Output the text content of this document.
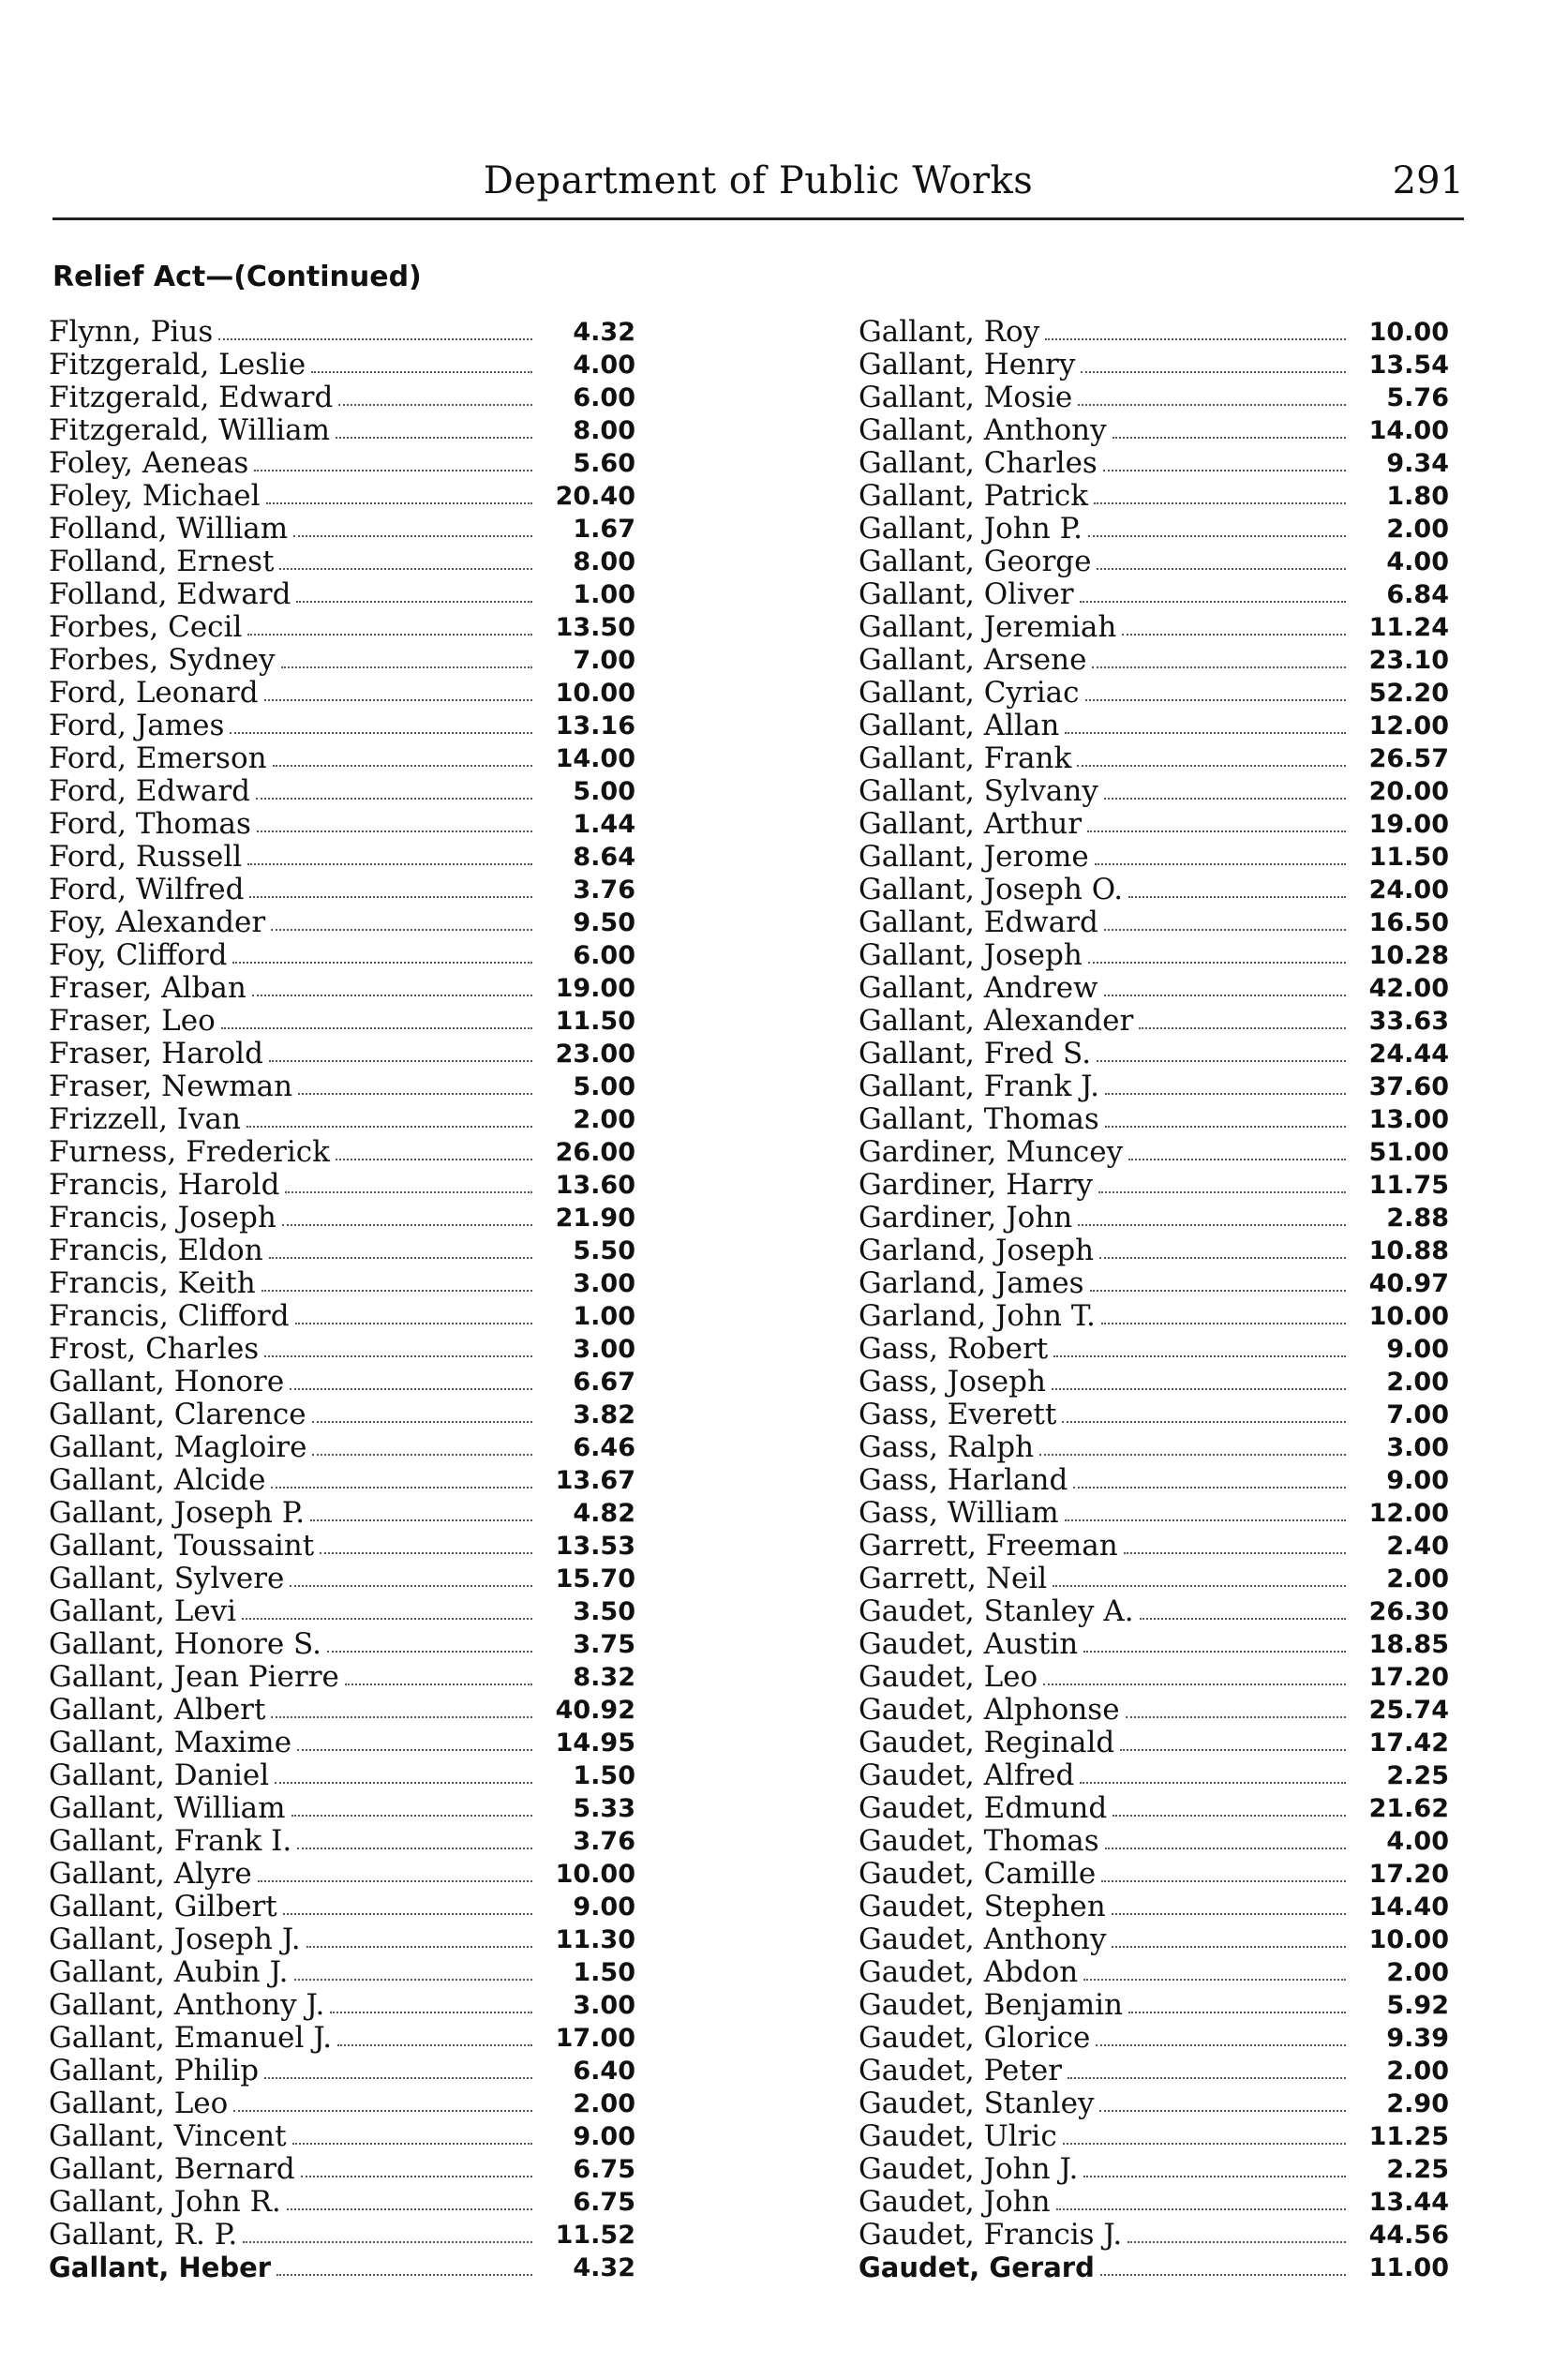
Department of Public Works	291
Relief Act—(Continued)
Flynn, Pius	4.32
Fitzgerald, Leslie	4.00
Fitzgerald, Edward	6.00
Fitzgerald, William	8.00
Foley, Aeneas	5.60
Foley, Michael	20.40
Folland, William	1.67
Folland, Ernest	8.00
Folland, Edward	1.00
Forbes, Cecil	13.50
Forbes, Sydney	7.00
Ford, Leonard	10.00
Ford, James	13.16
Ford, Emerson	14.00
Ford, Edward	5.00
Ford, Thomas	1.44
Ford, Russell	8.64
Ford, Wilfred	3.76
Foy, Alexander	9.50
Foy, Clifford	6.00
Fraser, Alban	19.00
Fraser, Leo	11.50
Fraser, Harold	23.00
Fraser, Newman	5.00
Frizzell, Ivan	2.00
Furness, Frederick	26.00
Francis, Harold	13.60
Francis, Joseph	21.90
Francis, Eldon	5.50
Francis, Keith	3.00
Francis, Clifford	1.00
Frost, Charles	3.00
Gallant, Honore	6.67
Gallant, Clarence	3.82
Gallant, Magloire	6.46
Gallant, Alcide	13.67
Gallant, Joseph P.	4.82
Gallant, Toussaint	13.53
Gallant, Sylvere	15.70
Gallant, Levi	3.50
Gallant, Honore S.	3.75
Gallant, Jean Pierre	8.32
Gallant, Albert	40.92
Gallant, Maxime	14.95
Gallant, Daniel	1.50
Gallant, William	5.33
Gallant, Frank I.	3.76
Gallant, Alyre	10.00
Gallant, Gilbert	9.00
Gallant, Joseph J.	11.30
Gallant, Aubin J.	1.50
Gallant, Anthony J.	3.00
Gallant, Emanuel J.	17.00
Gallant, Philip	6.40
Gallant, Leo	2.00
Gallant, Vincent	9.00
Gallant, Bernard	6.75
Gallant, John R.	6.75
Gallant, R. P.	11.52
Gallant, Heber	4.32
Gallant, Roy	10.00
Gallant, Henry	13.54
Gallant, Mosie	5.76
Gallant, Anthony	14.00
Gallant, Charles	9.34
Gallant, Patrick	1.80
Gallant, John P.	2.00
Gallant, George	4.00
Gallant, Oliver	6.84
Gallant, Jeremiah	11.24
Gallant, Arsene	23.10
Gallant, Cyriac	52.20
Gallant, Allan	12.00
Gallant, Frank	26.57
Gallant, Sylvany	20.00
Gallant, Arthur	19.00
Gallant, Jerome	11.50
Gallant, Joseph O.	24.00
Gallant, Edward	16.50
Gallant, Joseph	10.28
Gallant, Andrew	42.00
Gallant, Alexander	33.63
Gallant, Fred S.	24.44
Gallant, Frank J.	37.60
Gallant, Thomas	13.00
Gardiner, Muncey	51.00
Gardiner, Harry	11.75
Gardiner, John	2.88
Garland, Joseph	10.88
Garland, James	40.97
Garland, John T.	10.00
Gass, Robert	9.00
Gass, Joseph	2.00
Gass, Everett	7.00
Gass, Ralph	3.00
Gass, Harland	9.00
Gass, William	12.00
Garrett, Freeman	2.40
Garrett, Neil	2.00
Gaudet, Stanley A.	26.30
Gaudet, Austin	18.85
Gaudet, Leo	17.20
Gaudet, Alphonse	25.74
Gaudet, Reginald	17.42
Gaudet, Alfred	2.25
Gaudet, Edmund	21.62
Gaudet, Thomas	4.00
Gaudet, Camille	17.20
Gaudet, Stephen	14.40
Gaudet, Anthony	10.00
Gaudet, Abdon	2.00
Gaudet, Benjamin	5.92
Gaudet, Glorice	9.39
Gaudet, Peter	2.00
Gaudet, Stanley	2.90
Gaudet, Ulric	11.25
Gaudet, John J.	2.25
Gaudet, John	13.44
Gaudet, Francis J.	44.56
Gaudet, Gerard	11.00
